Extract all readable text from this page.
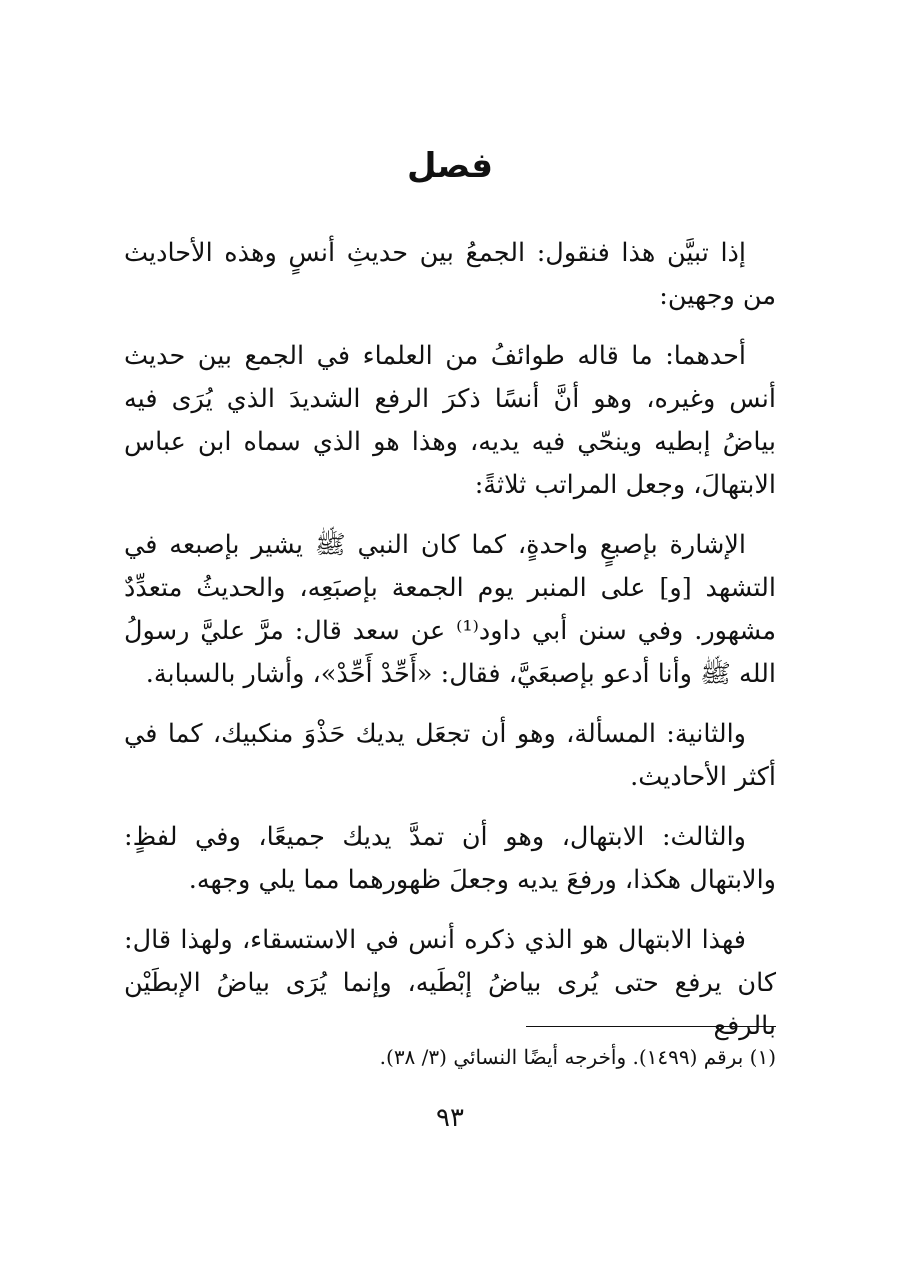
فصل

إذا تبيَّن هذا فنقول: الجمعُ بين حديثِ أنسٍ وهذه الأحاديث من وجهين:

أحدهما: ما قاله طوائفُ من العلماء في الجمع بين حديث أنس وغيره، وهو أنَّ أنسًا ذكرَ الرفع الشديدَ الذي يُرَى فيه بياضُ إبطيه وينحّي فيه يديه، وهذا هو الذي سماه ابن عباس الابتهالَ، وجعل المراتب ثلاثةً:

الإشارة بإصبعٍ واحدةٍ، كما كان النبي ﷺ يشير بإصبعه في التشهد [و] على المنبر يوم الجمعة بإصبَعِه، والحديثُ متعدِّدٌ مشهور. وفي سنن أبي داود⁽¹⁾ عن سعد قال: مرَّ عليَّ رسولُ الله ﷺ وأنا أدعو بإصبعَيَّ، فقال: «أَحِّدْ أَحِّدْ»، وأشار بالسبابة.

والثانية: المسألة، وهو أن تجعَل يديك حَذْوَ منكبيك، كما في أكثر الأحاديث.

والثالث: الابتهال، وهو أن تمدَّ يديك جميعًا، وفي لفظٍ: والابتهال هكذا، ورفعَ يديه وجعلَ ظهورهما مما يلي وجهه.

فهذا الابتهال هو الذي ذكره أنس في الاستسقاء، ولهذا قال: كان يرفع حتى يُرى بياضُ إبْطَيه، وإنما يُرَى بياضُ الإبطَيْن بالرفع

(١) برقم (١٤٩٩). وأخرجه أيضًا النسائي (٣/ ٣٨).
٩٣
